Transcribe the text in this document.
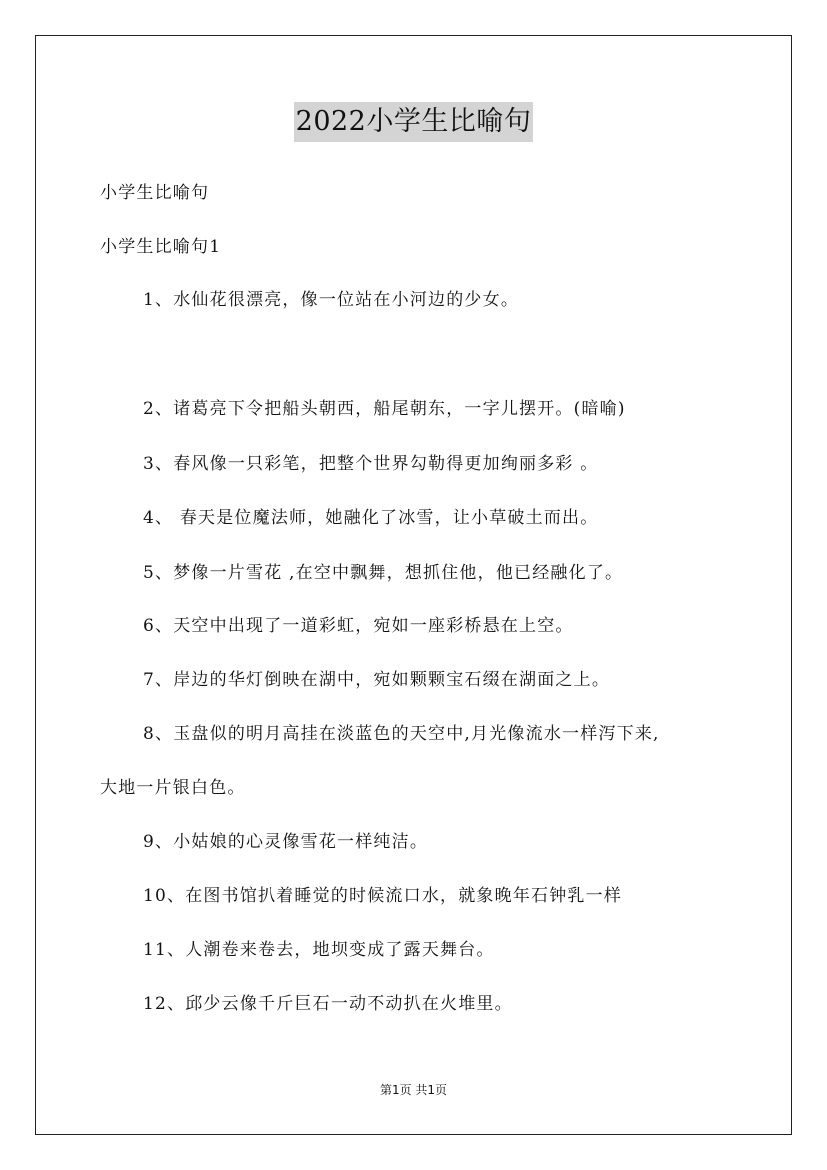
2022小学生比喻句
小学生比喻句
小学生比喻句1
1、水仙花很漂亮，像一位站在小河边的少女。
2、诸葛亮下令把船头朝西，船尾朝东，一字儿摆开。(暗喻)
3、春风像一只彩笔，把整个世界勾勒得更加绚丽多彩 。
4、 春天是位魔法师，她融化了冰雪，让小草破土而出。
5、梦像一片雪花 ,在空中飘舞，想抓住他，他已经融化了。
6、天空中出现了一道彩虹，宛如一座彩桥悬在上空。
7、岸边的华灯倒映在湖中，宛如颗颗宝石缀在湖面之上。
8、玉盘似的明月高挂在淡蓝色的天空中,月光像流水一样泻下来,
大地一片银白色。
9、小姑娘的心灵像雪花一样纯洁。
10、在图书馆扒着睡觉的时候流口水，就象晚年石钟乳一样
11、人潮卷来卷去，地坝变成了露天舞台。
12、邱少云像千斤巨石一动不动扒在火堆里。
第1页 共1页
